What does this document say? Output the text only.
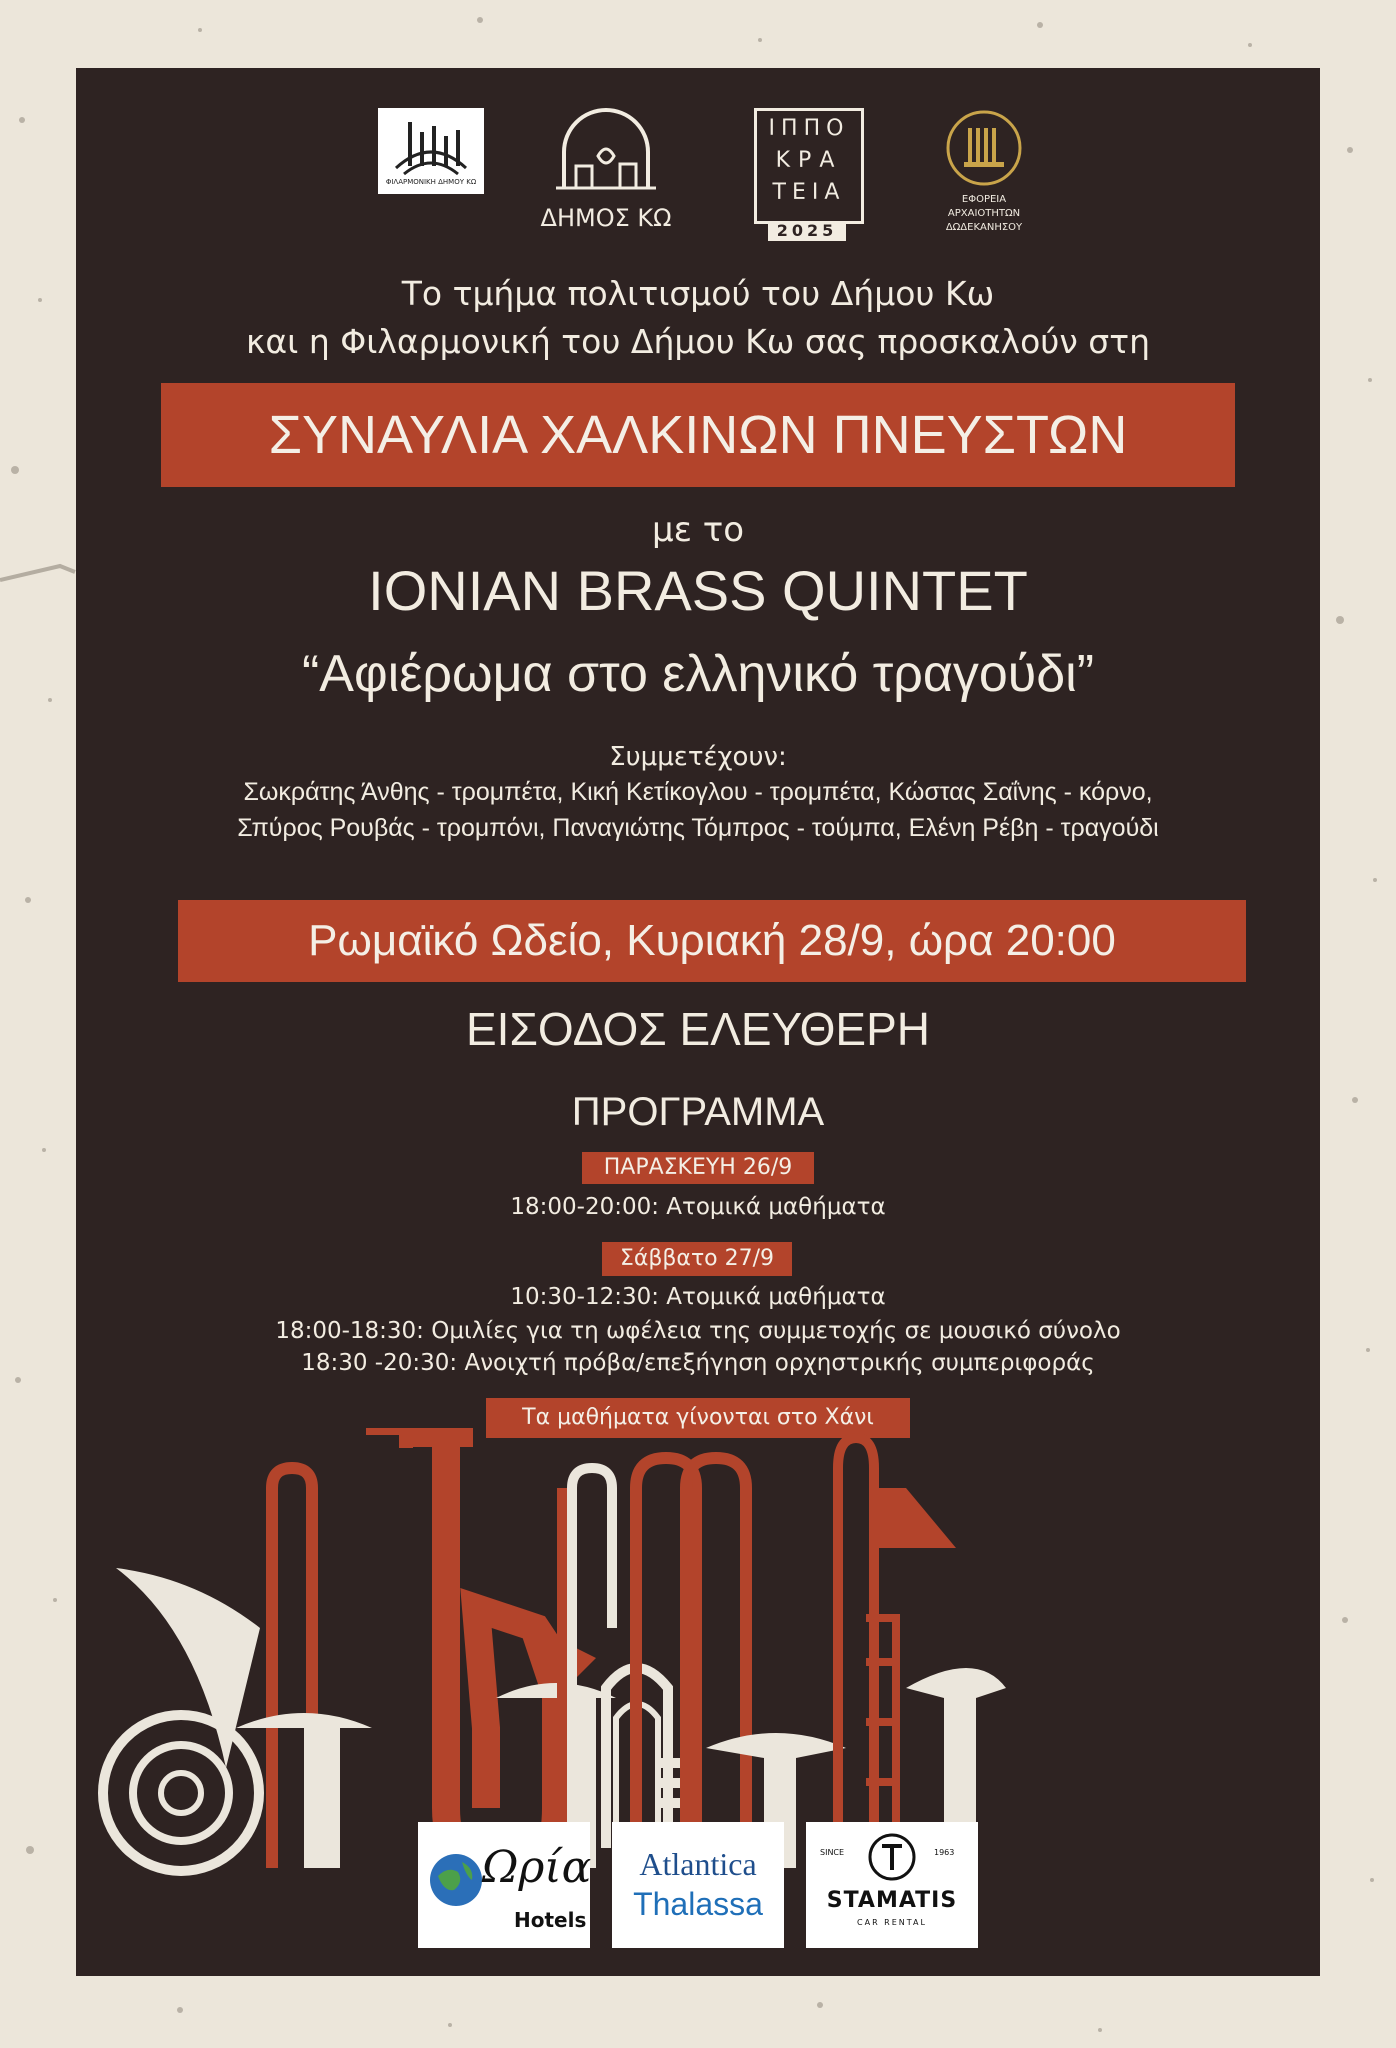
ΦΙΛΑΡΜΟΝΙΚΗ ΔΗΜΟΥ ΚΩ
ΔΗΜΟΣ ΚΩ
ΙΠΠΟ
ΚΡΑ
ΤΕΙΑ
2025
ΕΦΟΡΕΙΑ
ΑΡΧΑΙΟΤΗΤΩΝ
ΔΩΔΕΚΑΝΗΣΟΥ
Το τμήμα πολιτισμού του Δήμου Κω
και η Φιλαρμονική του Δήμου Κω σας προσκαλούν στη
ΣΥΝΑΥΛΙΑ ΧΑΛΚΙΝΩΝ ΠΝΕΥΣΤΩΝ
με το
IONIAN BRASS QUINTET
“Αφιέρωμα στο ελληνικό τραγούδι”
Συμμετέχουν:
Σωκράτης Άνθης - τρομπέτα, Κική Κετίκογλου - τρομπέτα, Κώστας Σαΐνης - κόρνο,
Σπύρος Ρουβάς - τρομπόνι, Παναγιώτης Τόμπρος - τούμπα, Ελένη Ρέβη - τραγούδι
Ρωμαϊκό Ωδείο, Κυριακή 28/9, ώρα 20:00
ΕΙΣΟΔΟΣ ΕΛΕΥΘΕΡΗ
ΠΡΟΓΡΑΜΜΑ
ΠΑΡΑΣΚΕΥΗ 26/9
18:00-20:00: Ατομικά μαθήματα
Σάββατο 27/9
10:30-12:30: Ατομικά μαθήματα
18:00-18:30: Ομιλίες για τη ωφέλεια της συμμετοχής σε μουσικό σύνολο
18:30 -20:30: Ανοιχτή πρόβα/επεξήγηση ορχηστρικής συμπεριφοράς
Τα μαθήματα γίνονται στο Χάνι
Ωρία
Hotels
Atlantica
Thalassa
SINCE	1963
STAMATIS
CAR RENTAL
